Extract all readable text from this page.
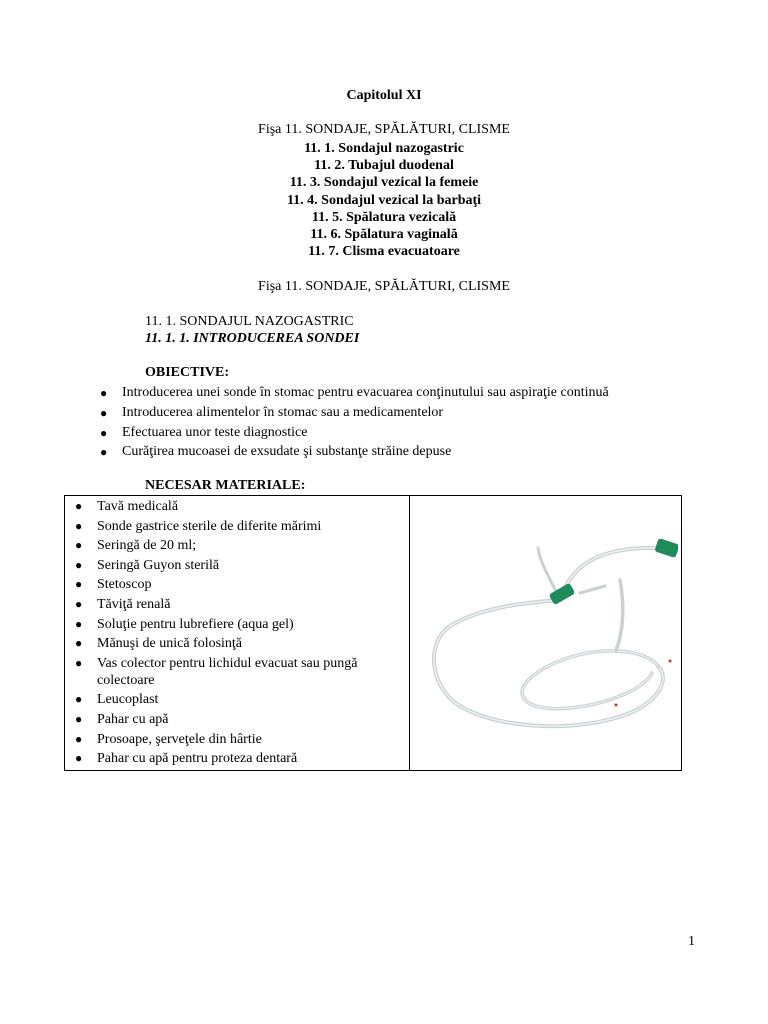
Capitolul XI
Fişa 11. SONDAJE, SPĂLĂTURI, CLISME
11. 1. Sondajul nazogastric
11. 2. Tubajul duodenal
11. 3. Sondajul vezical la femeie
11. 4. Sondajul vezical la barbaţi
11. 5. Spălatura vezicală
11. 6. Spălatura vaginală
11. 7. Clisma evacuatoare
Fişa 11. SONDAJE, SPĂLĂTURI, CLISME
11. 1. SONDAJUL NAZOGASTRIC
11. 1. 1. INTRODUCEREA SONDEI
OBIECTIVE:
● Introducerea unei sonde în stomac pentru evacuarea conţinutului sau aspiraţie continuă
● Introducerea alimentelor în stomac sau a medicamentelor
● Efectuarea unor teste diagnostice
● Curăţirea mucoasei de exsudate şi substanţe străine depuse
NECESAR MATERIALE:
● Tavă medicală
● Sonde gastrice sterile de diferite mărimi
● Seringă de 20 ml;
● Seringă Guyon sterilă
● Stetoscop
● Tăviţă renală
● Soluţie pentru lubrefiere (aqua gel)
● Mănuşi de unică folosinţă
● Vas colector pentru lichidul evacuat sau pungă colectoare
● Leucoplast
● Pahar cu apă
● Prosoape, şerveţele din hârtie
● Pahar cu apă pentru proteza dentară
1
